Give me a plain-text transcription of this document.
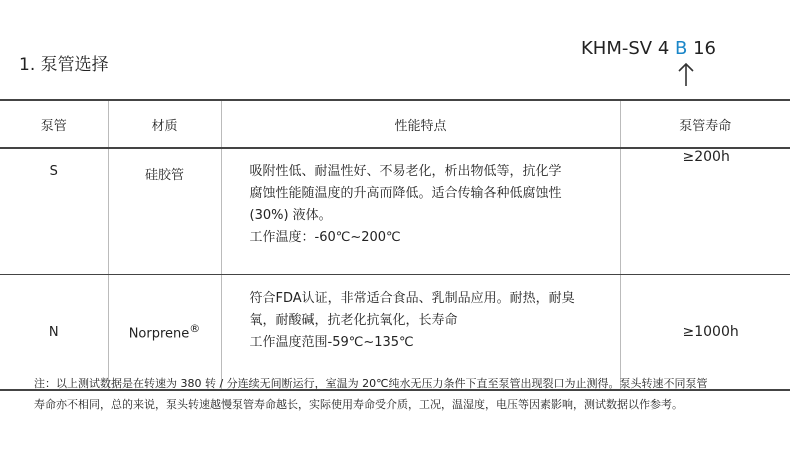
1. 泵管选择
KHM-SV 4 B 16
泵管	材质	性能特点	泵管寿命
S	硅胶管	吸附性低、耐温性好、不易老化，析出物低等，抗化学
腐蚀性能随温度的升高而降低。适合传输各种低腐蚀性
(30%) 液体。
工作温度：-60℃~200℃	≥200h
N	Norprene®	符合FDA认证，非常适合食品、乳制品应用。耐热，耐臭
氧，耐酸碱，抗老化抗氧化，长寿命
工作温度范围-59℃~135℃	≥1000h
注：以上测试数据是在转速为 380 转 / 分连续无间断运行，室温为 20℃纯水无压力条件下直至泵管出现裂口为止测得。泵头转速不同泵管
寿命亦不相同，总的来说，泵头转速越慢泵管寿命越长，实际使用寿命受介质，工况，温湿度，电压等因素影响，测试数据以作参考。
